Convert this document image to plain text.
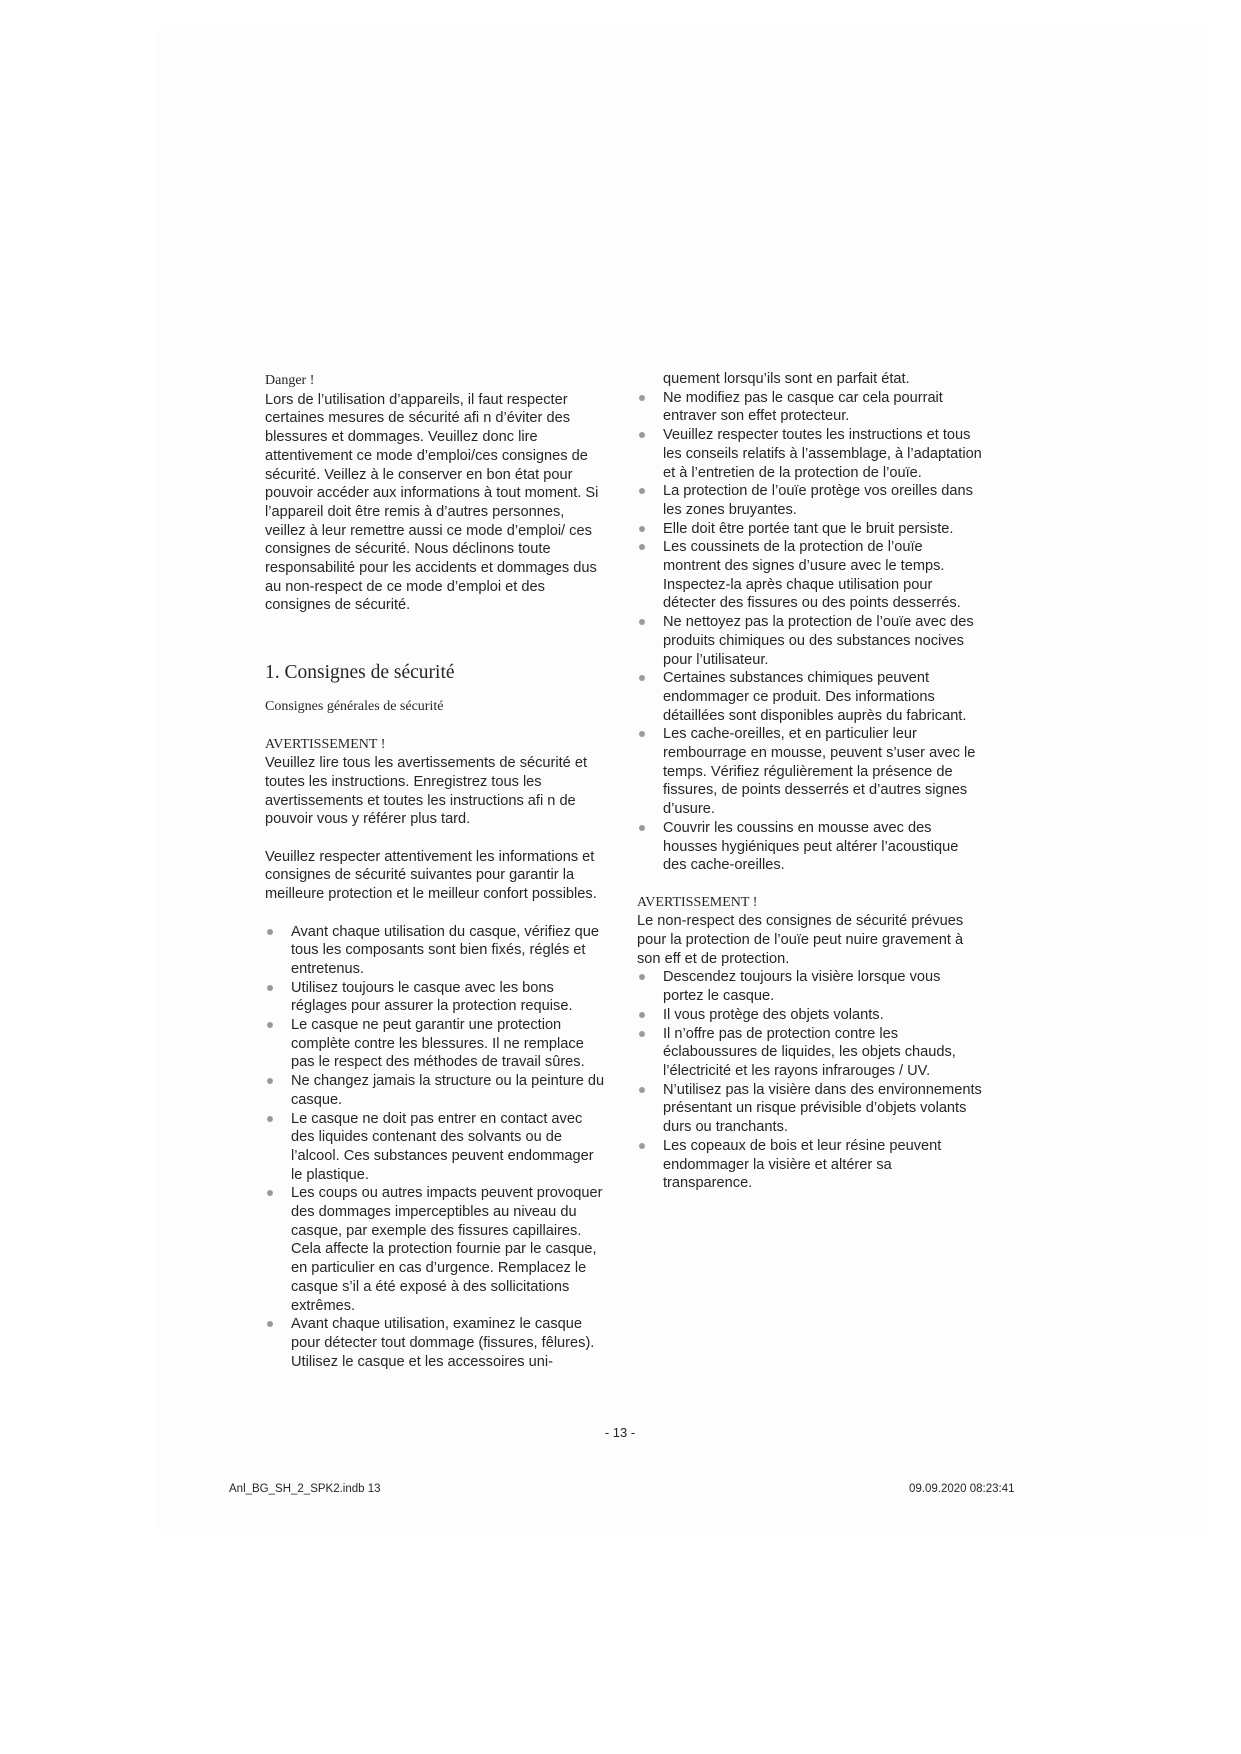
Danger !

Lors de l’utilisation d’appareils, il faut respecter certaines mesures de sécurité afi n d’éviter des blessures et dommages. Veuillez donc lire attentivement ce mode d’emploi/ces consignes de sécurité. Veillez à le conserver en bon état pour pouvoir accéder aux informations à tout moment. Si l’appareil doit être remis à d’autres personnes, veillez à leur remettre aussi ce mode d’emploi/ ces consignes de sécurité. Nous déclinons toute responsabilité pour les accidents et dommages dus au non-respect de ce mode d’emploi et des consignes de sécurité.

1. Consignes de sécurité

Consignes générales de sécurité

AVERTISSEMENT !

Veuillez lire tous les avertissements de sécurité et toutes les instructions. Enregistrez tous les avertissements et toutes les instructions afi n de pouvoir vous y référer plus tard.

Veuillez respecter attentivement les informations et consignes de sécurité suivantes pour garantir la meilleure protection et le meilleur confort possibles.

Avant chaque utilisation du casque, vérifiez que tous les composants sont bien fixés, réglés et entretenus.
Utilisez toujours le casque avec les bons réglages pour assurer la protection requise.
Le casque ne peut garantir une protection complète contre les blessures. Il ne remplace pas le respect des méthodes de travail sûres.
Ne changez jamais la structure ou la peinture du casque.
Le casque ne doit pas entrer en contact avec des liquides contenant des solvants ou de l’alcool. Ces substances peuvent endommager le plastique.
Les coups ou autres impacts peuvent provoquer des dommages imperceptibles au niveau du casque, par exemple des fissures capillaires. Cela affecte la protection fournie par le casque, en particulier en cas d’urgence. Remplacez le casque s’il a été exposé à des sollicitations extrêmes.
Avant chaque utilisation, examinez le casque pour détecter tout dommage (fissures, fêlures). Utilisez le casque et les accessoires uni-
quement lorsqu’ils sont en parfait état.
Ne modifiez pas le casque car cela pourrait entraver son effet protecteur.
Veuillez respecter toutes les instructions et tous les conseils relatifs à l’assemblage, à l’adaptation et à l’entretien de la protection de l’ouïe.
La protection de l’ouïe protège vos oreilles dans les zones bruyantes.
Elle doit être portée tant que le bruit persiste.
Les coussinets de la protection de l’ouïe montrent des signes d’usure avec le temps. Inspectez-la après chaque utilisation pour détecter des fissures ou des points desserrés.
Ne nettoyez pas la protection de l’ouïe avec des produits chimiques ou des substances nocives pour l’utilisateur.
Certaines substances chimiques peuvent endommager ce produit. Des informations détaillées sont disponibles auprès du fabricant.
Les cache-oreilles, et en particulier leur rembourrage en mousse, peuvent s’user avec le temps. Vérifiez régulièrement la présence de fissures, de points desserrés et d’autres signes d’usure.
Couvrir les coussins en mousse avec des housses hygiéniques peut altérer l’acoustique des cache-oreilles.

AVERTISSEMENT !

Le non-respect des consignes de sécurité prévues pour la protection de l’ouïe peut nuire gravement à son eff et de protection.

Descendez toujours la visière lorsque vous portez le casque.
Il vous protège des objets volants.
Il n’offre pas de protection contre les éclaboussures de liquides, les objets chauds, l’électricité et les rayons infrarouges / UV.
N’utilisez pas la visière dans des environnements présentant un risque prévisible d’objets volants durs ou tranchants.
Les copeaux de bois et leur résine peuvent endommager la visière et altérer sa transparence.
- 13 -
Anl_BG_SH_2_SPK2.indb 13	09.09.2020 08:23:41
